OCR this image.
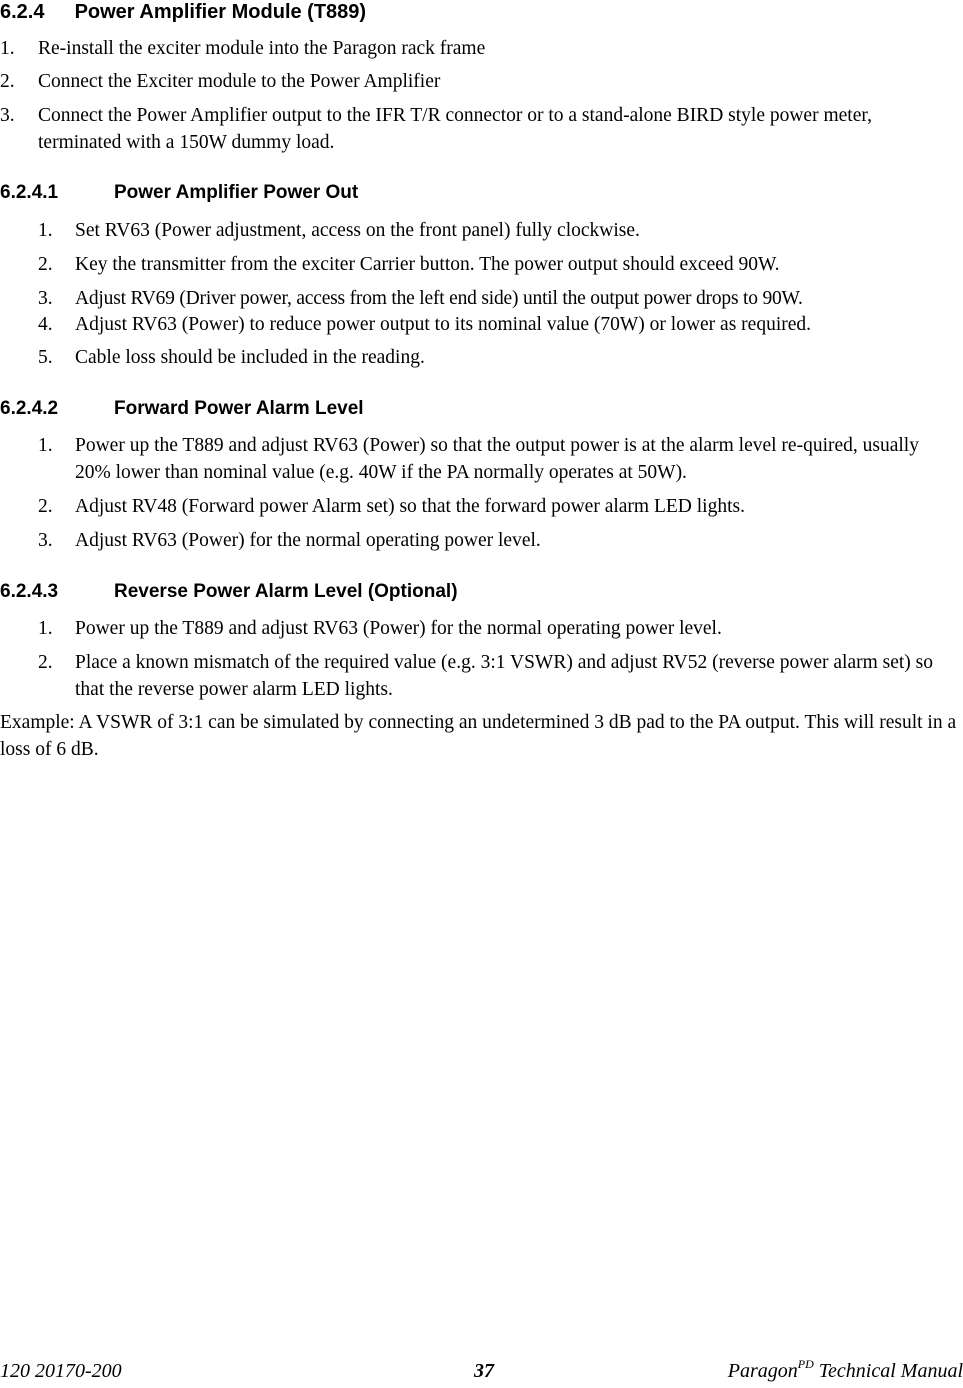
6.2.4 Power Amplifier Module (T889)
1.	Re-install the exciter module into the Paragon rack frame
2.	Connect the Exciter module to the Power Amplifier
3.	Connect the Power Amplifier output to the IFR T/R connector or to a stand-alone BIRD style power meter, terminated with a 150W dummy load.
6.2.4.1	Power Amplifier Power Out
1.	Set RV63 (Power adjustment, access on the front panel) fully clockwise.
2.	Key the transmitter from the exciter Carrier button. The power output should exceed 90W.
3.	Adjust RV69 (Driver power, access from the left end side) until the output power drops to 90W.
4.	Adjust RV63 (Power) to reduce power output to its nominal value (70W) or lower as required.
5.	Cable loss should be included in the reading.
6.2.4.2	Forward Power Alarm Level
1.	Power up the T889 and adjust RV63 (Power) so that the output power is at the alarm level re-quired, usually 20% lower than nominal value (e.g. 40W if the PA normally operates at 50W).
2.	Adjust RV48 (Forward power Alarm set) so that the forward power alarm LED lights.
3.	Adjust RV63 (Power) for the normal operating power level.
6.2.4.3	Reverse Power Alarm Level (Optional)
1.	Power up the T889 and adjust RV63 (Power) for the normal operating power level.
2.	Place a known mismatch of the required value (e.g. 3:1 VSWR) and adjust RV52 (reverse power alarm set) so that the reverse power alarm LED lights.
Example: A VSWR of 3:1 can be simulated by connecting an undetermined 3 dB pad to the PA output. This will result in a loss of 6 dB.
120 20170-200	37	Paragon$^{PD}$ Technical Manual
